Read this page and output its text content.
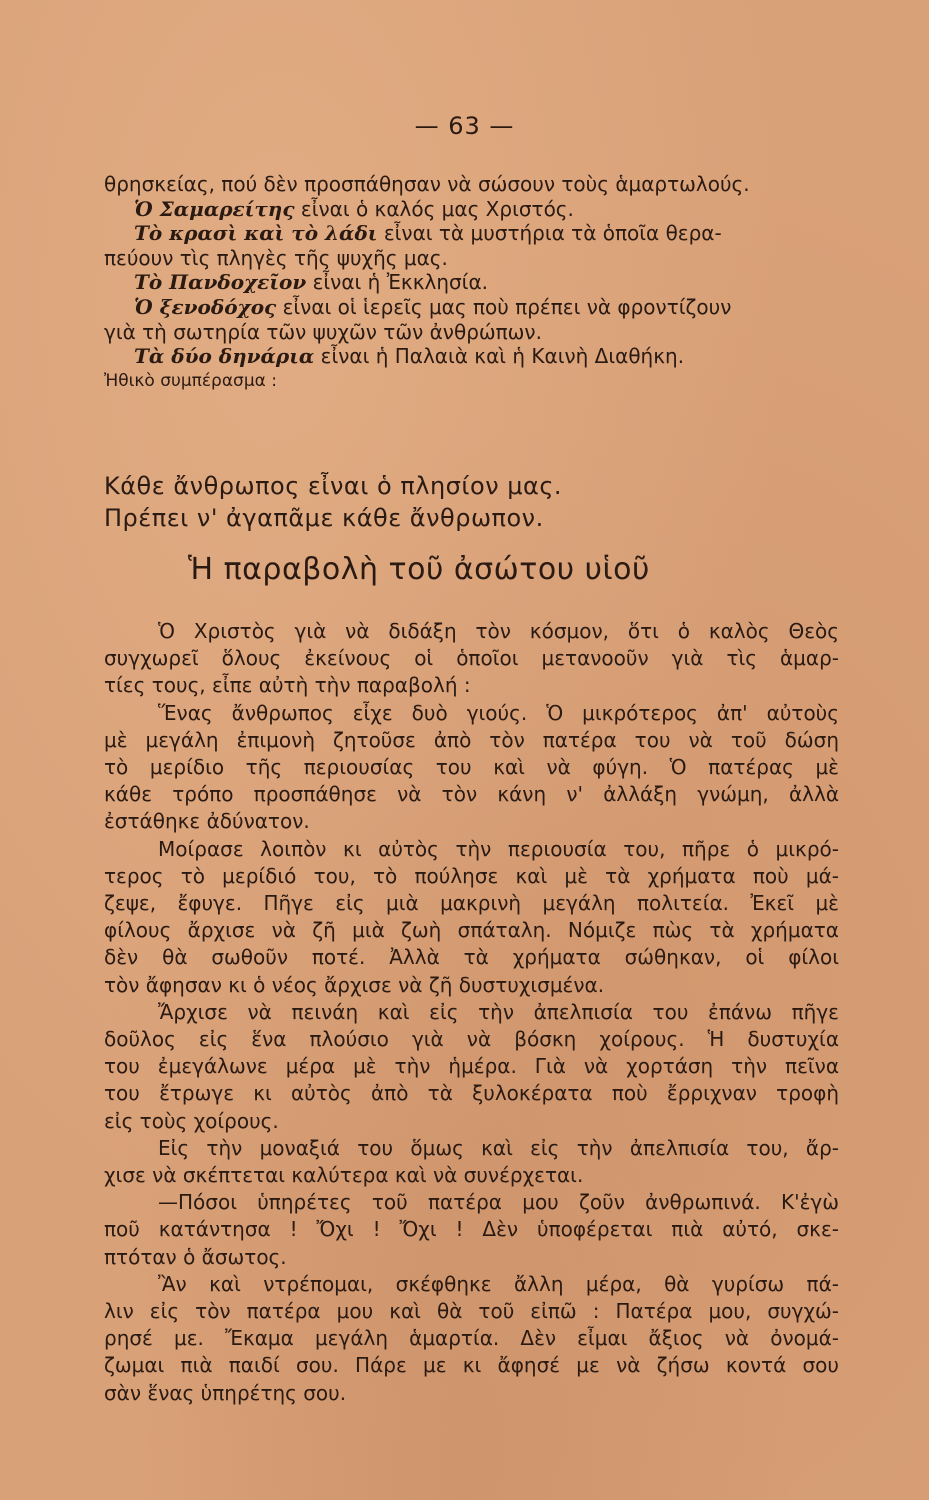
— 63 —
θρησκείας, πού δὲν προσπάθησαν νὰ σώσουν τοὺς ἁμαρτωλούς.
Ὁ Σαμαρείτης εἶναι ὁ καλός μας Χριστός.
Τὸ κρασὶ καὶ τὸ λάδι εἶναι τὰ μυστήρια τὰ ὁποῖα θερα-
πεύουν τὶς πληγὲς τῆς ψυχῆς μας.
Τὸ Πανδοχεῖον εἶναι ἡ Ἐκκλησία.
Ὁ ξενοδόχος εἶναι οἱ ἱερεῖς μας ποὺ πρέπει νὰ φροντίζουν
γιὰ τὴ σωτηρία τῶν ψυχῶν τῶν ἀνθρώπων.
Τὰ δύο δηνάρια εἶναι ἡ Παλαιὰ καὶ ἡ Καινὴ Διαθήκη.
Ἠθικὸ συμπέρασμα :
Κάθε ἄνθρωπος εἶναι ὁ πλησίον μας.
Πρέπει ν' ἀγαπᾶμε κάθε ἄνθρωπον.
Ἡ παραβολὴ τοῦ ἀσώτου υἱοῦ
Ὁ Χριστὸς γιὰ νὰ διδάξη τὸν κόσμον, ὅτι ὁ καλὸς Θεὸς
συγχωρεῖ ὅλους ἐκείνους οἱ ὁποῖοι μετανοοῦν γιὰ τὶς ἁμαρ-
τίες τους, εἶπε αὐτὴ τὴν παραβολή :
Ἕνας ἄνθρωπος εἶχε δυὸ γιούς. Ὁ μικρότερος ἀπ' αὐτοὺς
μὲ μεγάλη ἐπιμονὴ ζητοῦσε ἀπὸ τὸν πατέρα του νὰ τοῦ δώση
τὸ μερίδιο τῆς περιουσίας του καὶ νὰ φύγη. Ὁ πατέρας μὲ
κάθε τρόπο προσπάθησε νὰ τὸν κάνη ν' ἀλλάξη γνώμη, ἀλλὰ
ἐστάθηκε ἀδύνατον.
Μοίρασε λοιπὸν κι αὐτὸς τὴν περιουσία του, πῆρε ὁ μικρό-
τερος τὸ μερίδιό του, τὸ πούλησε καὶ μὲ τὰ χρήματα ποὺ μά-
ζεψε, ἔφυγε. Πῆγε εἰς μιὰ μακρινὴ μεγάλη πολιτεία. Ἐκεῖ μὲ
φίλους ἄρχισε νὰ ζῆ μιὰ ζωὴ σπάταλη. Νόμιζε πὼς τὰ χρήματα
δὲν θὰ σωθοῦν ποτέ. Ἀλλὰ τὰ χρήματα σώθηκαν, οἱ φίλοι
τὸν ἄφησαν κι ὁ νέος ἄρχισε νὰ ζῆ δυστυχισμένα.
Ἄρχισε νὰ πεινάη καὶ εἰς τὴν ἀπελπισία του ἐπάνω πῆγε
δοῦλος εἰς ἕνα πλούσιο γιὰ νὰ βόσκη χοίρους. Ἡ δυστυχία
του ἐμεγάλωνε μέρα μὲ τὴν ἡμέρα. Γιὰ νὰ χορτάση τὴν πεῖνα
του ἔτρωγε κι αὐτὸς ἀπὸ τὰ ξυλοκέρατα ποὺ ἔρριχναν τροφὴ
εἰς τοὺς χοίρους.
Εἰς τὴν μοναξιά του ὅμως καὶ εἰς τὴν ἀπελπισία του, ἄρ-
χισε νὰ σκέπτεται καλύτερα καὶ νὰ συνέρχεται.
—Πόσοι ὑπηρέτες τοῦ πατέρα μου ζοῦν ἀνθρωπινά. Κ'ἐγὼ
ποῦ κατάντησα ! Ὄχι ! Ὄχι ! Δὲν ὑποφέρεται πιὰ αὐτό, σκε-
πτόταν ὁ ἄσωτος.
Ἂν καὶ ντρέπομαι, σκέφθηκε ἄλλη μέρα, θὰ γυρίσω πά-
λιν εἰς τὸν πατέρα μου καὶ θὰ τοῦ εἰπῶ : Πατέρα μου, συγχώ-
ρησέ με. Ἔκαμα μεγάλη ἁμαρτία. Δὲν εἶμαι ἄξιος νὰ ὀνομά-
ζωμαι πιὰ παιδί σου. Πάρε με κι ἄφησέ με νὰ ζήσω κοντά σου
σὰν ἕνας ὑπηρέτης σου.
